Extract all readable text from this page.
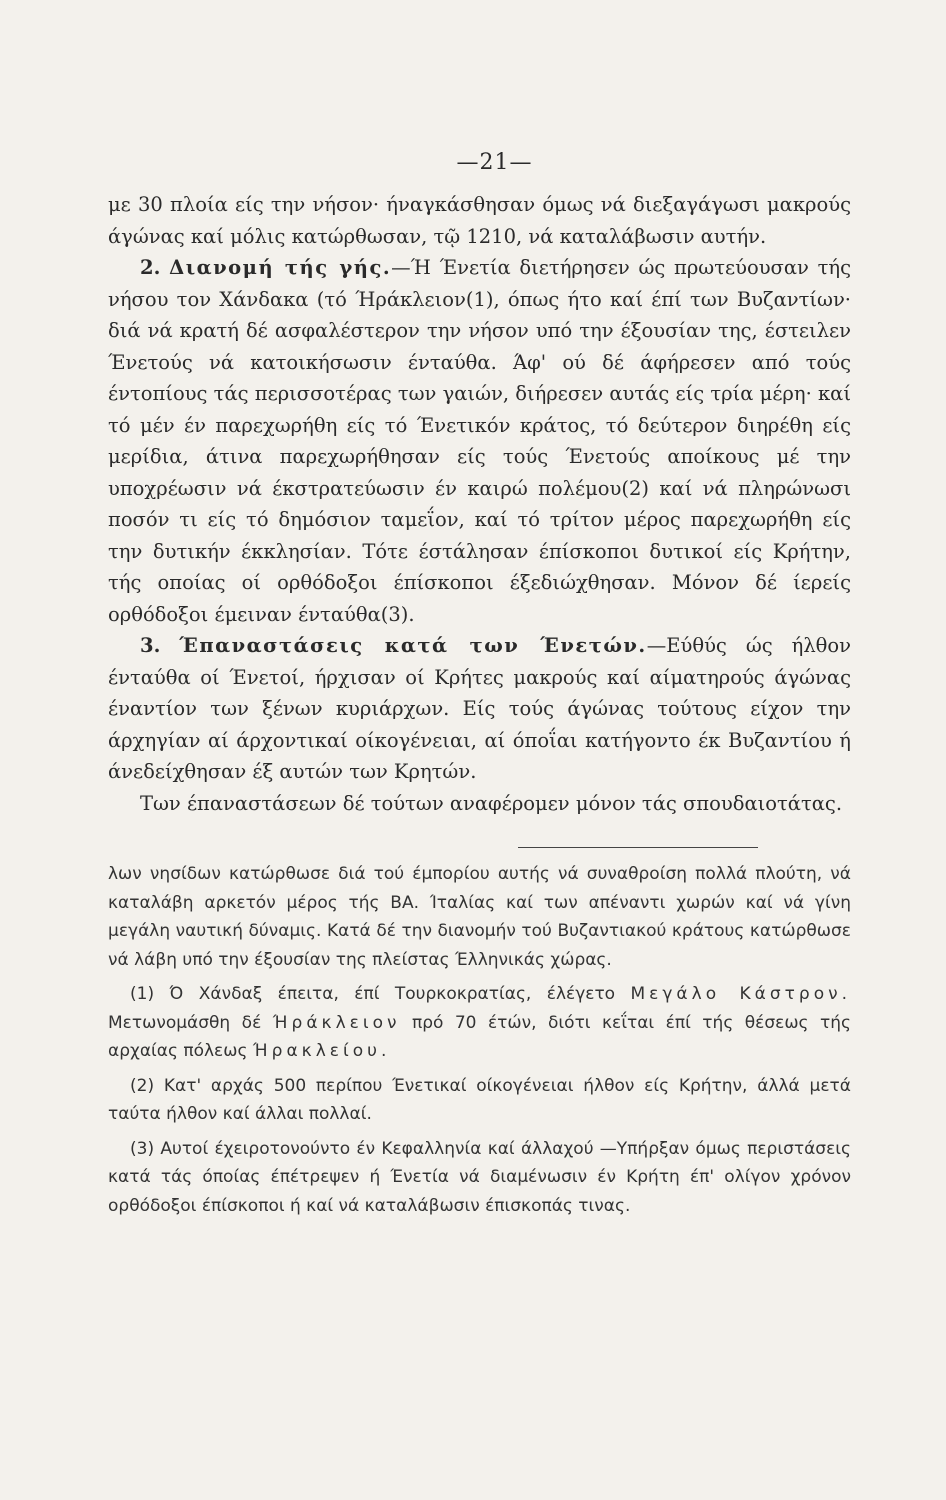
—21—

με 30 πλοία είς την νήσον· ήναγκάσθησαν όμως νά διεξαγάγωσι μακρούς άγώνας καί μόλις κατώρθωσαν, τῷ 1210, νά καταλάβωσιν αυτήν.

2. Διανομή τής γής.—Ή Ένετία διετήρησεν ώς πρωτεύουσαν τής νήσου τον Χάνδακα (τό Ήράκλειον(1), όπως ήτο καί έπί των Βυζαντίων· διά νά κρατή δέ ασφαλέστερον την νήσον υπό την έξουσίαν της, έστειλεν Ένετούς νά κατοικήσωσιν ένταύθα. Άφ' ού δέ άφήρεσεν από τούς έντοπίους τάς περισσοτέρας των γαιών, διήρεσεν αυτάς είς τρία μέρη· καί τό μέν έν παρεχωρήθη είς τό Ένετικόν κράτος, τό δεύτερον διηρέθη είς μερίδια, άτινα παρεχωρήθησαν είς τούς Ένετούς αποίκους μέ την υποχρέωσιν νά έκστρατεύωσιν έν καιρώ πολέμου(2) καί νά πληρώνωσι ποσόν τι είς τό δημόσιον ταμεΐον, καί τό τρίτον μέρος παρεχωρήθη είς την δυτικήν έκκλησίαν. Τότε έστάλησαν έπίσκοποι δυτικοί είς Κρήτην, τής οποίας οί ορθόδοξοι έπίσκοποι έξεδιώχθησαν. Μόνον δέ ίερείς ορθόδοξοι έμειναν ένταύθα(3).

3. Έπαναστάσεις κατά των Ένετών.—Εύθύς ώς ήλθον ένταύθα οί Ένετοί, ήρχισαν οί Κρήτες μακρούς καί αίματηρούς άγώνας έναντίον των ξένων κυριάρχων. Είς τούς άγώνας τούτους είχον την άρχηγίαν αί άρχοντικαί οίκογένειαι, αί όποΐαι κατήγοντο έκ Βυζαντίου ή άνεδείχθησαν έξ αυτών των Κρητών.

Των έπαναστάσεων δέ τούτων αναφέρομεν μόνον τάς σπουδαιοτάτας.

λων νησίδων κατώρθωσε διά τού έμπορίου αυτής νά συναθροίση πολλά πλούτη, νά καταλάβη αρκετόν μέρος τής ΒΑ. Ίταλίας καί των απέναντι χωρών καί νά γίνη μεγάλη ναυτική δύναμις. Κατά δέ την διανομήν τού Βυζαντιακού κράτους κατώρθωσε νά λάβη υπό την έξουσίαν της πλείστας Έλληνικάς χώρας.

(1) Ό Χάνδαξ έπειτα, έπί Τουρκοκρατίας, έλέγετο Μεγάλο Κάστρον. Μετωνομάσθη δέ Ήράκλειον πρό 70 έτών, διότι κεΐται έπί τής θέσεως τής αρχαίας πόλεως Ήρακλείου.

(2) Κατ' αρχάς 500 περίπου Ένετικαί οίκογένειαι ήλθον είς Κρήτην, άλλά μετά ταύτα ήλθον καί άλλαι πολλαί.

(3) Αυτοί έχειροτονούντο έν Κεφαλληνία καί άλλαχού —Υπήρξαν όμως περιστάσεις κατά τάς όποίας έπέτρεψεν ή Ένετία νά διαμένωσιν έν Κρήτη έπ' ολίγον χρόνον ορθόδοξοι έπίσκοποι ή καί νά καταλάβωσιν έπισκοπάς τινας.
